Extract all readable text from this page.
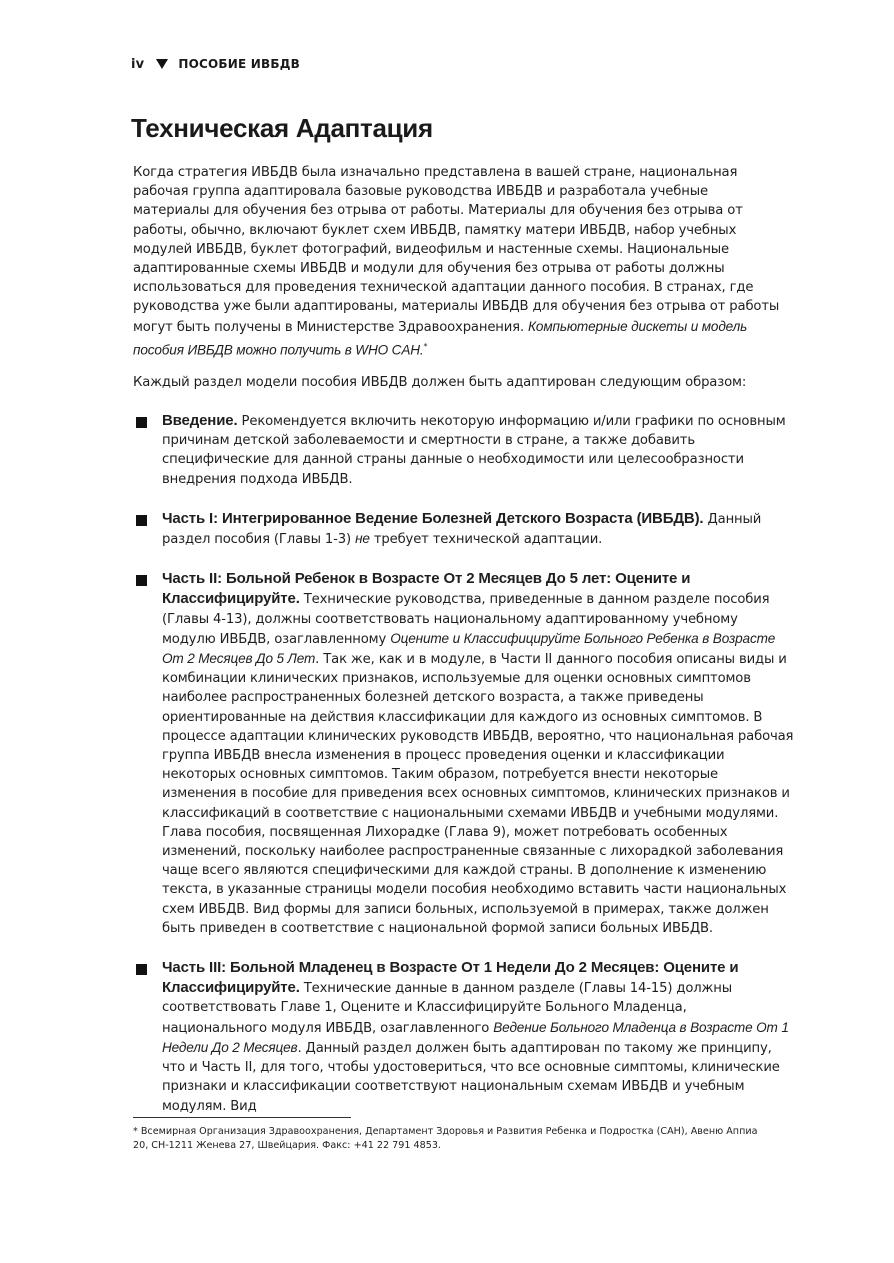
iv	ПОСОБИЕ ИВБДВ
Техническая Адаптация
Когда стратегия ИВБДВ была изначально представлена в вашей стране, национальная рабочая группа адаптировала базовые руководства ИВБДВ и разработала учебные материалы для обучения без отрыва от работы. Материалы для обучения без отрыва от работы, обычно, включают буклет схем ИВБДВ, памятку матери ИВБДВ, набор учебных модулей ИВБДВ, буклет фотографий, видеофильм и настенные схемы. Национальные адаптированные схемы ИВБДВ и модули для обучения без отрыва от работы должны использоваться для проведения технической адаптации данного пособия. В странах, где руководства уже были адаптированы, материалы ИВБДВ для обучения без отрыва от работы могут быть получены в Министерстве Здравоохранения. Компьютерные дискеты и модель пособия ИВБДВ можно получить в WHO CAH.*
Каждый раздел модели пособия ИВБДВ должен быть адаптирован следующим образом:
Введение. Рекомендуется включить некоторую информацию и/или графики по основным причинам детской заболеваемости и смертности в стране, а также добавить специфические для данной страны данные о необходимости или целесообразности внедрения подхода ИВБДВ.
Часть I: Интегрированное Ведение Болезней Детского Возраста (ИВБДВ). Данный раздел пособия (Главы 1-3) не требует технической адаптации.
Часть II: Больной Ребенок в Возрасте От 2 Месяцев До 5 лет: Оцените и Классифицируйте. Технические руководства, приведенные в данном разделе пособия (Главы 4-13), должны соответствовать национальному адаптированному учебному модулю ИВБДВ, озаглавленному Оцените и Классифицируйте Больного Ребенка в Возрасте От 2 Месяцев До 5 Лет. Так же, как и в модуле, в Части II данного пособия описаны виды и комбинации клинических признаков, используемые для оценки основных симптомов наиболее распространенных болезней детского возраста, а также приведены ориентированные на действия классификации для каждого из основных симптомов. В процессе адаптации клинических руководств ИВБДВ, вероятно, что национальная рабочая группа ИВБДВ внесла изменения в процесс проведения оценки и классификации некоторых основных симптомов. Таким образом, потребуется внести некоторые изменения в пособие для приведения всех основных симптомов, клинических признаков и классификаций в соответствие с национальными схемами ИВБДВ и учебными модулями. Глава пособия, посвященная Лихорадке (Глава 9), может потребовать особенных изменений, поскольку наиболее распространенные связанные с лихорадкой заболевания чаще всего являются специфическими для каждой страны. В дополнение к изменению текста, в указанные страницы модели пособия необходимо вставить части национальных схем ИВБДВ. Вид формы для записи больных, используемой в примерах, также должен быть приведен в соответствие с национальной формой записи больных ИВБДВ.
Часть III: Больной Младенец в Возрасте От 1 Недели До 2 Месяцев: Оцените и Классифицируйте. Технические данные в данном разделе (Главы 14-15) должны соответствовать Главе 1, Оцените и Классифицируйте Больного Младенца, национального модуля ИВБДВ, озаглавленного Ведение Больного Младенца в Возрасте От 1 Недели До 2 Месяцев. Данный раздел должен быть адаптирован по такому же принципу, что и Часть II, для того, чтобы удостовериться, что все основные симптомы, клинические признаки и классификации соответствуют национальным схемам ИВБДВ и учебным модулям. Вид
* Всемирная Организация Здравоохранения, Департамент Здоровья и Развития Ребенка и Подростка (САН), Авеню Аппиа 20, CH-1211 Женева 27, Швейцария. Факс: +41 22 791 4853.
